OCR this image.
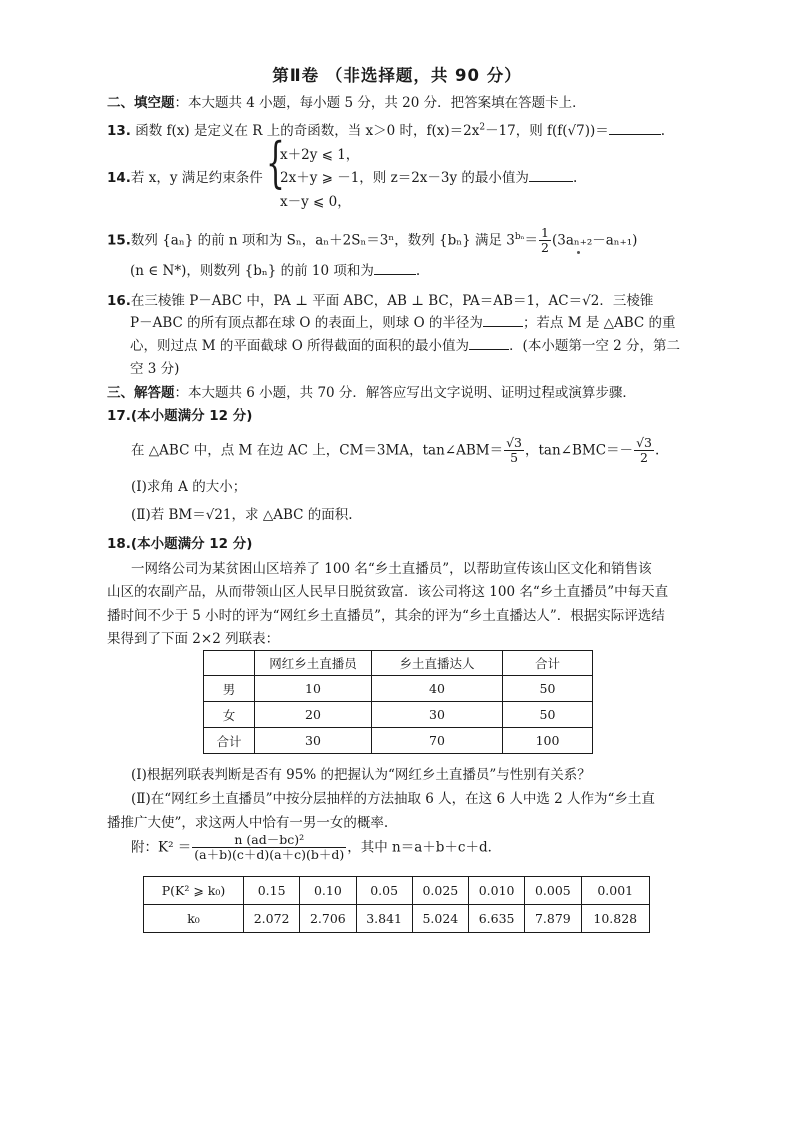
第Ⅱ卷 （非选择题，共 90 分）
二、填空题：本大题共 4 小题，每小题 5 分，共 20 分．把答案填在答题卡上．
13. 函数 f(x) 是定义在 R 上的奇函数，当 x＞0 时，$f(x)=2x^2-17$，则 f(f(√7))＝	.
14.若 x，y 满足约束条件 {
x＋2y ⩽ 1，
2x＋y ⩾ －1，则 z＝2x－3y 的最小值为	.
x－y ⩽ 0，
15.数列 {aₙ} 的前 n 项和为 Sₙ，aₙ＋2Sₙ＝3ⁿ，数列 {bₙ} 满足 $3^{b_n}= \frac{1}{2} (3a_{n+2}-a_{n+1})$
(n ∈ N*)，则数列 {bₙ} 的前 10 项和为	.
16.在三棱锥 P－ABC 中，PA ⊥ 平面 ABC，AB ⊥ BC，PA＝AB＝1，AC＝√2．三棱锥
P－ABC 的所有顶点都在球 O 的表面上，则球 O 的半径为	；若点 M 是 △ABC 的重
心，则过点 M 的平面截球 O 所得截面的面积的最小值为	．(本小题第一空 2 分，第二
空 3 分)
三、解答题：本大题共 6 小题，共 70 分．解答应写出文字说明、证明过程或演算步骤．
17.(本小题满分 12 分)
在 △ABC 中，点 M 在边 AC 上，CM＝3MA，tan∠ABM＝ $\frac{√3}{5}$ ，tan∠BMC＝－ $\frac{√3}{2}$ .
(Ⅰ)求角 A 的大小；
(Ⅱ)若 BM＝√21，求 △ABC 的面积.
18.(本小题满分 12 分)
一网络公司为某贫困山区培养了 100 名“乡土直播员”，以帮助宣传该山区文化和销售该
山区的农副产品，从而带领山区人民早日脱贫致富．该公司将这 100 名“乡土直播员”中每天直
播时间不少于 5 小时的评为“网红乡土直播员”，其余的评为“乡土直播达人”．根据实际评选结
果得到了下面 2×2 列联表：
	网红乡土直播员	乡土直播达人	合计
男	10	40	50
女	20	30	50
合计	30	70	100
(Ⅰ)根据列联表判断是否有 95% 的把握认为“网红乡土直播员”与性别有关系？
(Ⅱ)在“网红乡土直播员”中按分层抽样的方法抽取 6 人，在这 6 人中选 2 人作为“乡土直
播推广大使”，求这两人中恰有一男一女的概率.
附：$K^2 = \frac{\text{n (ad－bc)²}}{(a+b)(c+d)(a+c)(b+d)}$ ，其中 n＝a＋b＋c＋d．
P(K² ⩾ k₀)	0.15	0.10	0.05	0.025	0.010	0.005	0.001
k₀	2.072	2.706	3.841	5.024	6.635	7.879	10.828
